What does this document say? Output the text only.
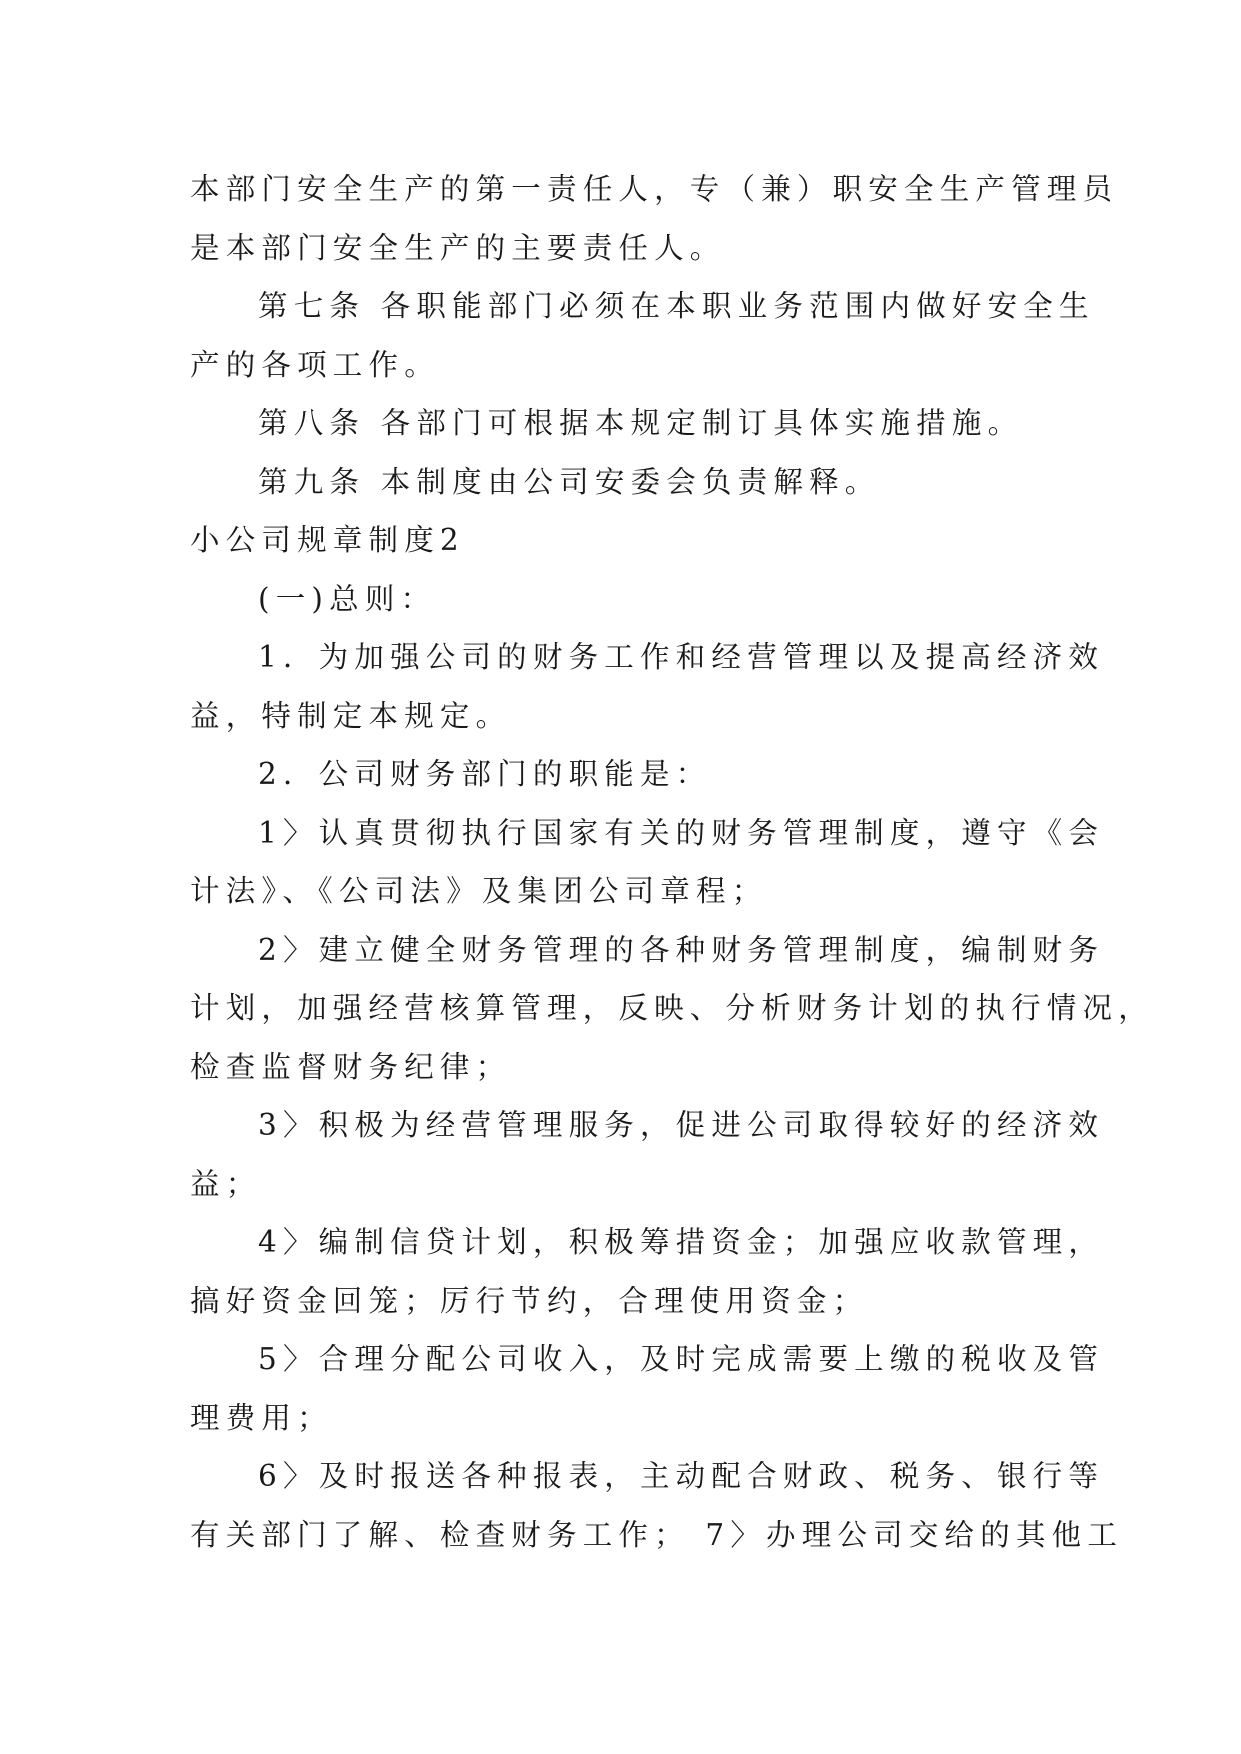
本部门安全生产的第一责任人，专（兼）职安全生产管理员
是本部门安全生产的主要责任人。
第七条 各职能部门必须在本职业务范围内做好安全生
产的各项工作。
第八条 各部门可根据本规定制订具体实施措施。
第九条 本制度由公司安委会负责解释。
小公司规章制度2
(一)总则：
1．为加强公司的财务工作和经营管理以及提高经济效
益，特制定本规定。
2．公司财务部门的职能是：
1〉认真贯彻执行国家有关的财务管理制度，遵守《会
计法》、《公司法》及集团公司章程；
2〉建立健全财务管理的各种财务管理制度，编制财务
计划，加强经营核算管理，反映、分析财务计划的执行情况，
检查监督财务纪律；
3〉积极为经营管理服务，促进公司取得较好的经济效
益；
4〉编制信贷计划，积极筹措资金；加强应收款管理，
搞好资金回笼；厉行节约，合理使用资金；
5〉合理分配公司收入，及时完成需要上缴的税收及管
理费用；
6〉及时报送各种报表，主动配合财政、税务、银行等
有关部门了解、检查财务工作； 7〉办理公司交给的其他工
